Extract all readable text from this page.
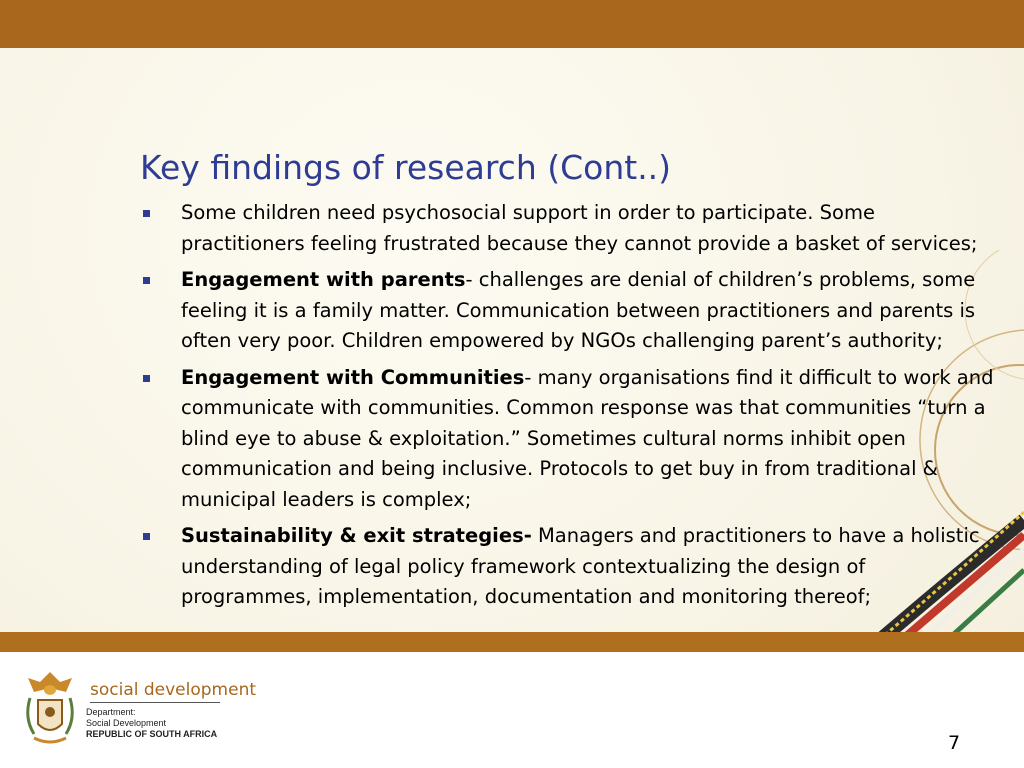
Key findings of research (Cont..)
Some children need psychosocial support in order to participate. Some practitioners feeling frustrated because they cannot provide a basket of services;
Engagement with parents- challenges are denial of children’s problems, some feeling it is a family matter. Communication between practitioners and parents is often very poor. Children empowered by NGOs challenging parent’s authority;
Engagement with Communities- many organisations find it difficult to work and communicate with communities. Common response was that communities “turn a blind eye to abuse & exploitation.” Sometimes cultural norms inhibit open communication and being inclusive. Protocols to get buy in from traditional & municipal leaders is complex;
Sustainability & exit strategies- Managers and practitioners to have a holistic understanding of legal policy framework contextualizing the design of programmes, implementation, documentation and monitoring thereof;
social development
Department:
Social Development
REPUBLIC OF SOUTH AFRICA	7
